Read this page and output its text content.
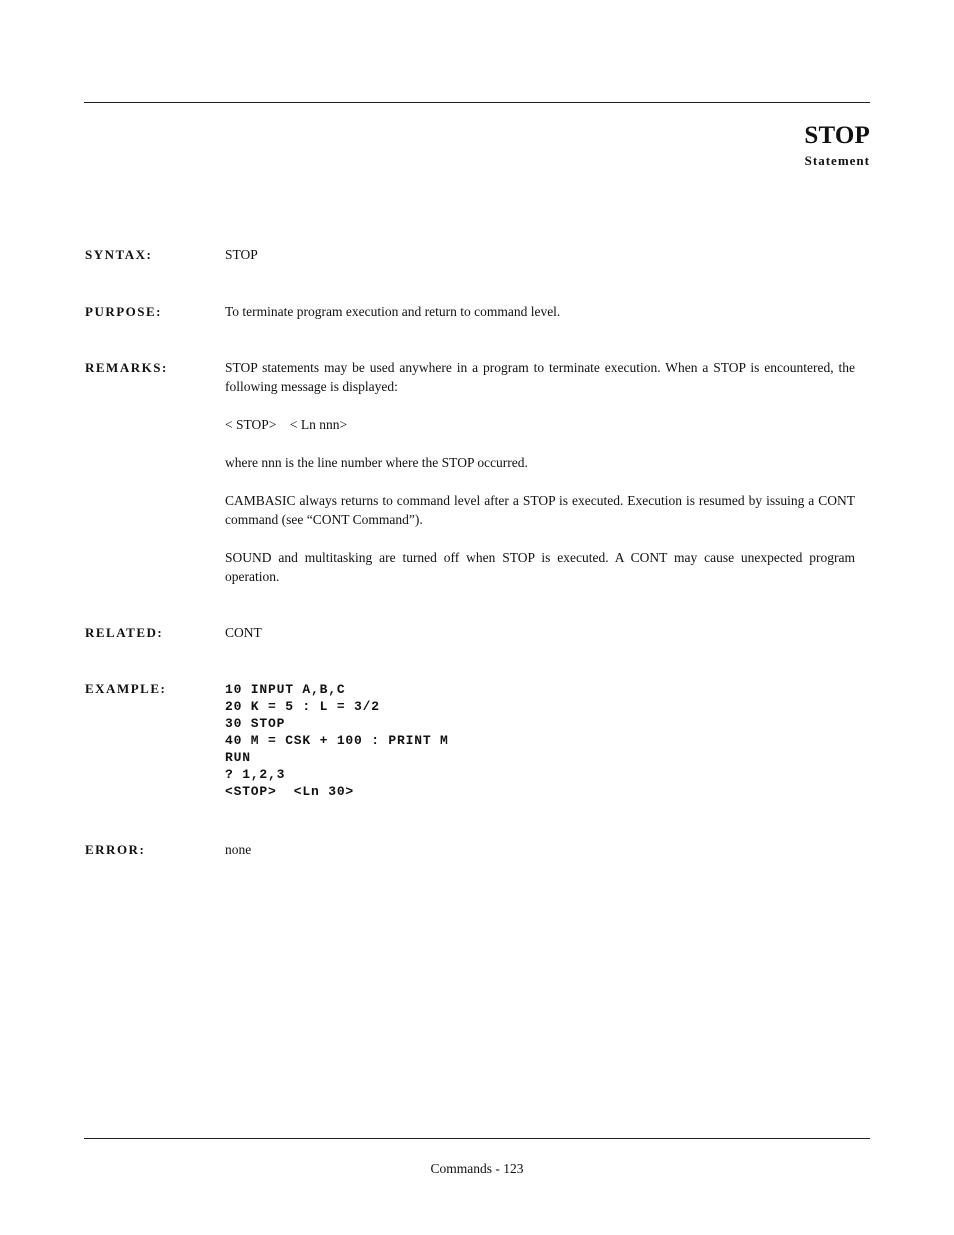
STOP
Statement
SYNTAX:	STOP
PURPOSE:	To terminate program execution and return to command level.
REMARKS:	STOP statements may be used anywhere in a program to terminate execution. When a STOP is encountered, the following message is displayed:

< STOP>    < Ln nnn>

where nnn is the line number where the STOP occurred.

CAMBASIC always returns to command level after a STOP is executed. Execution is resumed by issuing a CONT command (see “CONT Command”).

SOUND and multitasking are turned off when STOP is executed. A CONT may cause unexpected program operation.

RELATED:	CONT
EXAMPLE:	10 INPUT A,B,C
20 K = 5 : L = 3/2
30 STOP
40 M = CSK + 100 : PRINT M
RUN
? 1,2,3
<STOP>  <Ln 30>
ERROR:	none
Commands - 123
